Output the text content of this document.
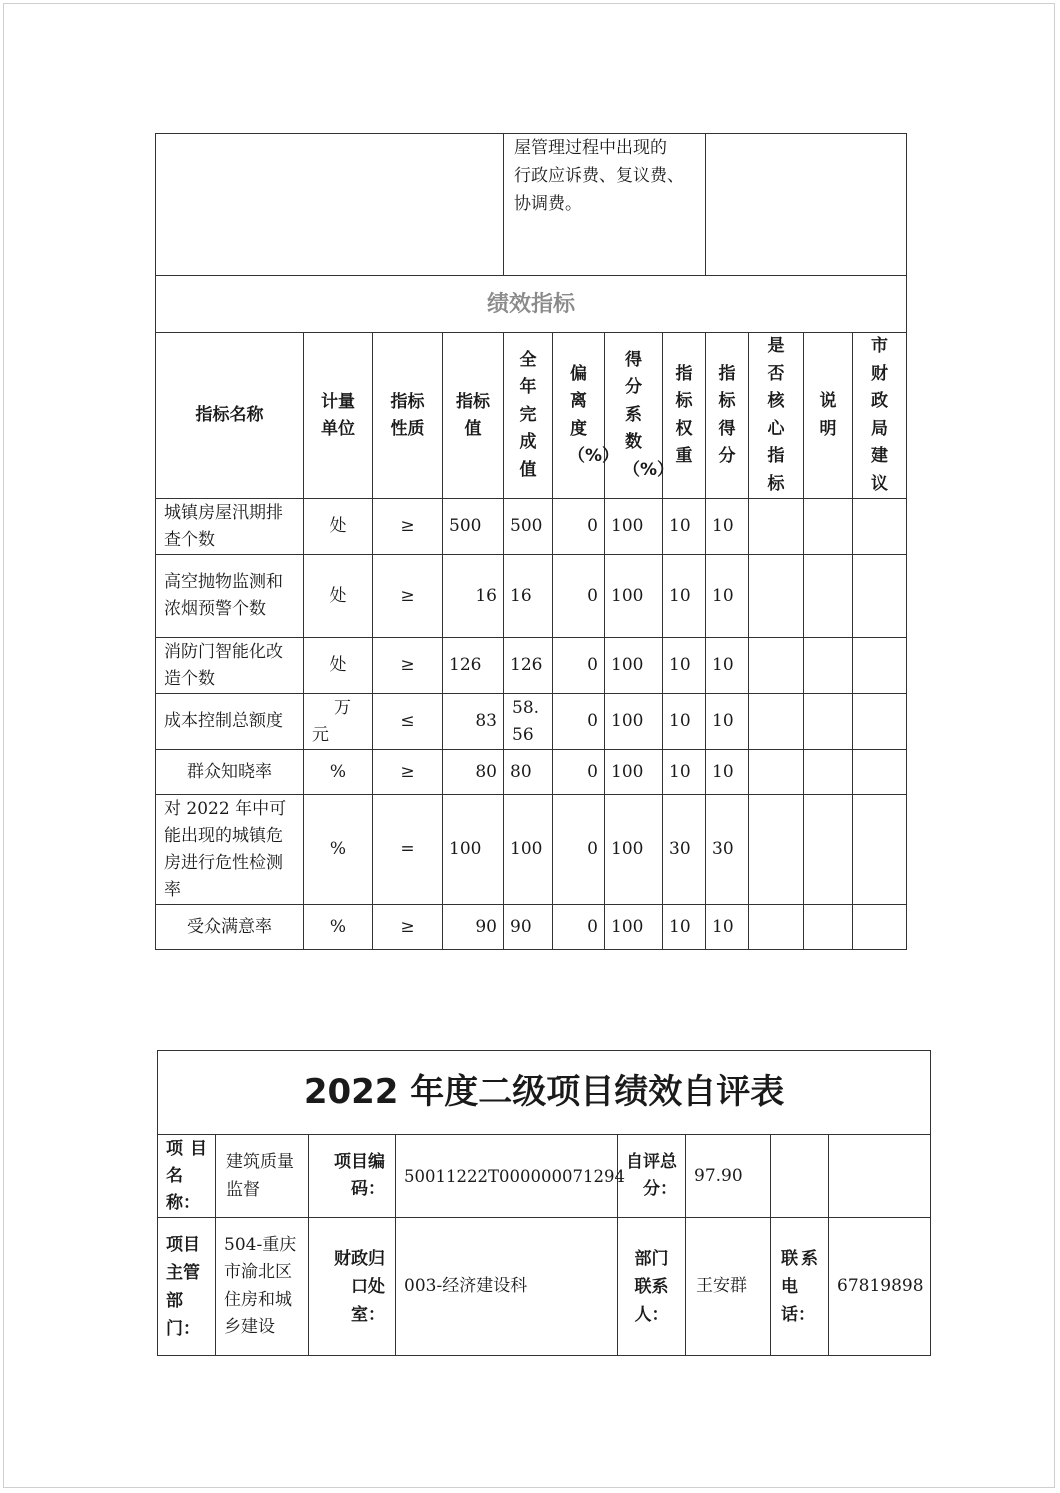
				屋管理过程中出现的
行政应诉费、复议费、
协调费。							

绩效指标											
指标名称	计量单位	指标性质	指标值	全年完成值	偏离度（%）	得分系数（%）	指标权重	指标得分	是否核心指标	说明	市财政局建议
城镇房屋汛期排查个数	处	≥	500	500	0	100	10	10			
高空抛物监测和浓烟预警个数	处	≥	16	16	0	100	10	10			
消防门智能化改造个数	处	≥	126	126	0	100	10	10			
成本控制总额度	万元	≤	83	58.56	0	100	10	10			
群众知晓率	%	≥	80	80	0	100	10	10			
对 2022 年中可能出现的城镇危房进行危性检测率	%	=	100	100	0	100	30	30			
受众满意率	%	≥	90	90	0	100	10	10			
2022 年度二级项目绩效自评表							
项目名称：	建筑质量监督	项目编码：	50011222T000000071294	自评总分：	97.90		
项目主管部门：	504-重庆市渝北区住房和城乡建设	财政归口处室：	003-经济建设科	部门联系人：	王安群	联系电话：	67819898
